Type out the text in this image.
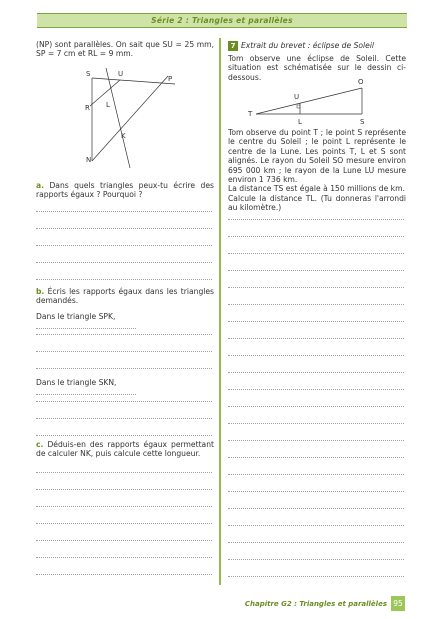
Série 2 : Triangles et parallèles

(NP) sont parallèles. On sait que SU = 25 mm, SP = 7 cm et RL = 9 mm.

S	U
P
R L
K
N

a. Dans quels triangles peux-tu écrire des rapports égaux ? Pourquoi ?

b. Écris les rapports égaux dans les triangles demandés.

Dans le triangle SPK,
Dans le triangle SKN,

c. Déduis-en des rapports égaux permettant de calculer NK, puis calcule cette longueur.

7 Extrait du brevet : éclipse de Soleil

Tom observe une éclipse de Soleil. Cette situation est schématisée sur le dessin ci-dessous.

O
U
T
L	S

Tom observe du point T ; le point S représente le centre du Soleil ; le point L représente le centre de la Lune. Les points T, L et S sont alignés. Le rayon du Soleil SO mesure environ 695 000 km ; le rayon de la Lune LU mesure environ 1 736 km.

La distance TS est égale à 150 millions de km.

Calcule la distance TL. (Tu donneras l'arrondi au kilomètre.)

Chapitre G2 : Triangles et parallèles 95
